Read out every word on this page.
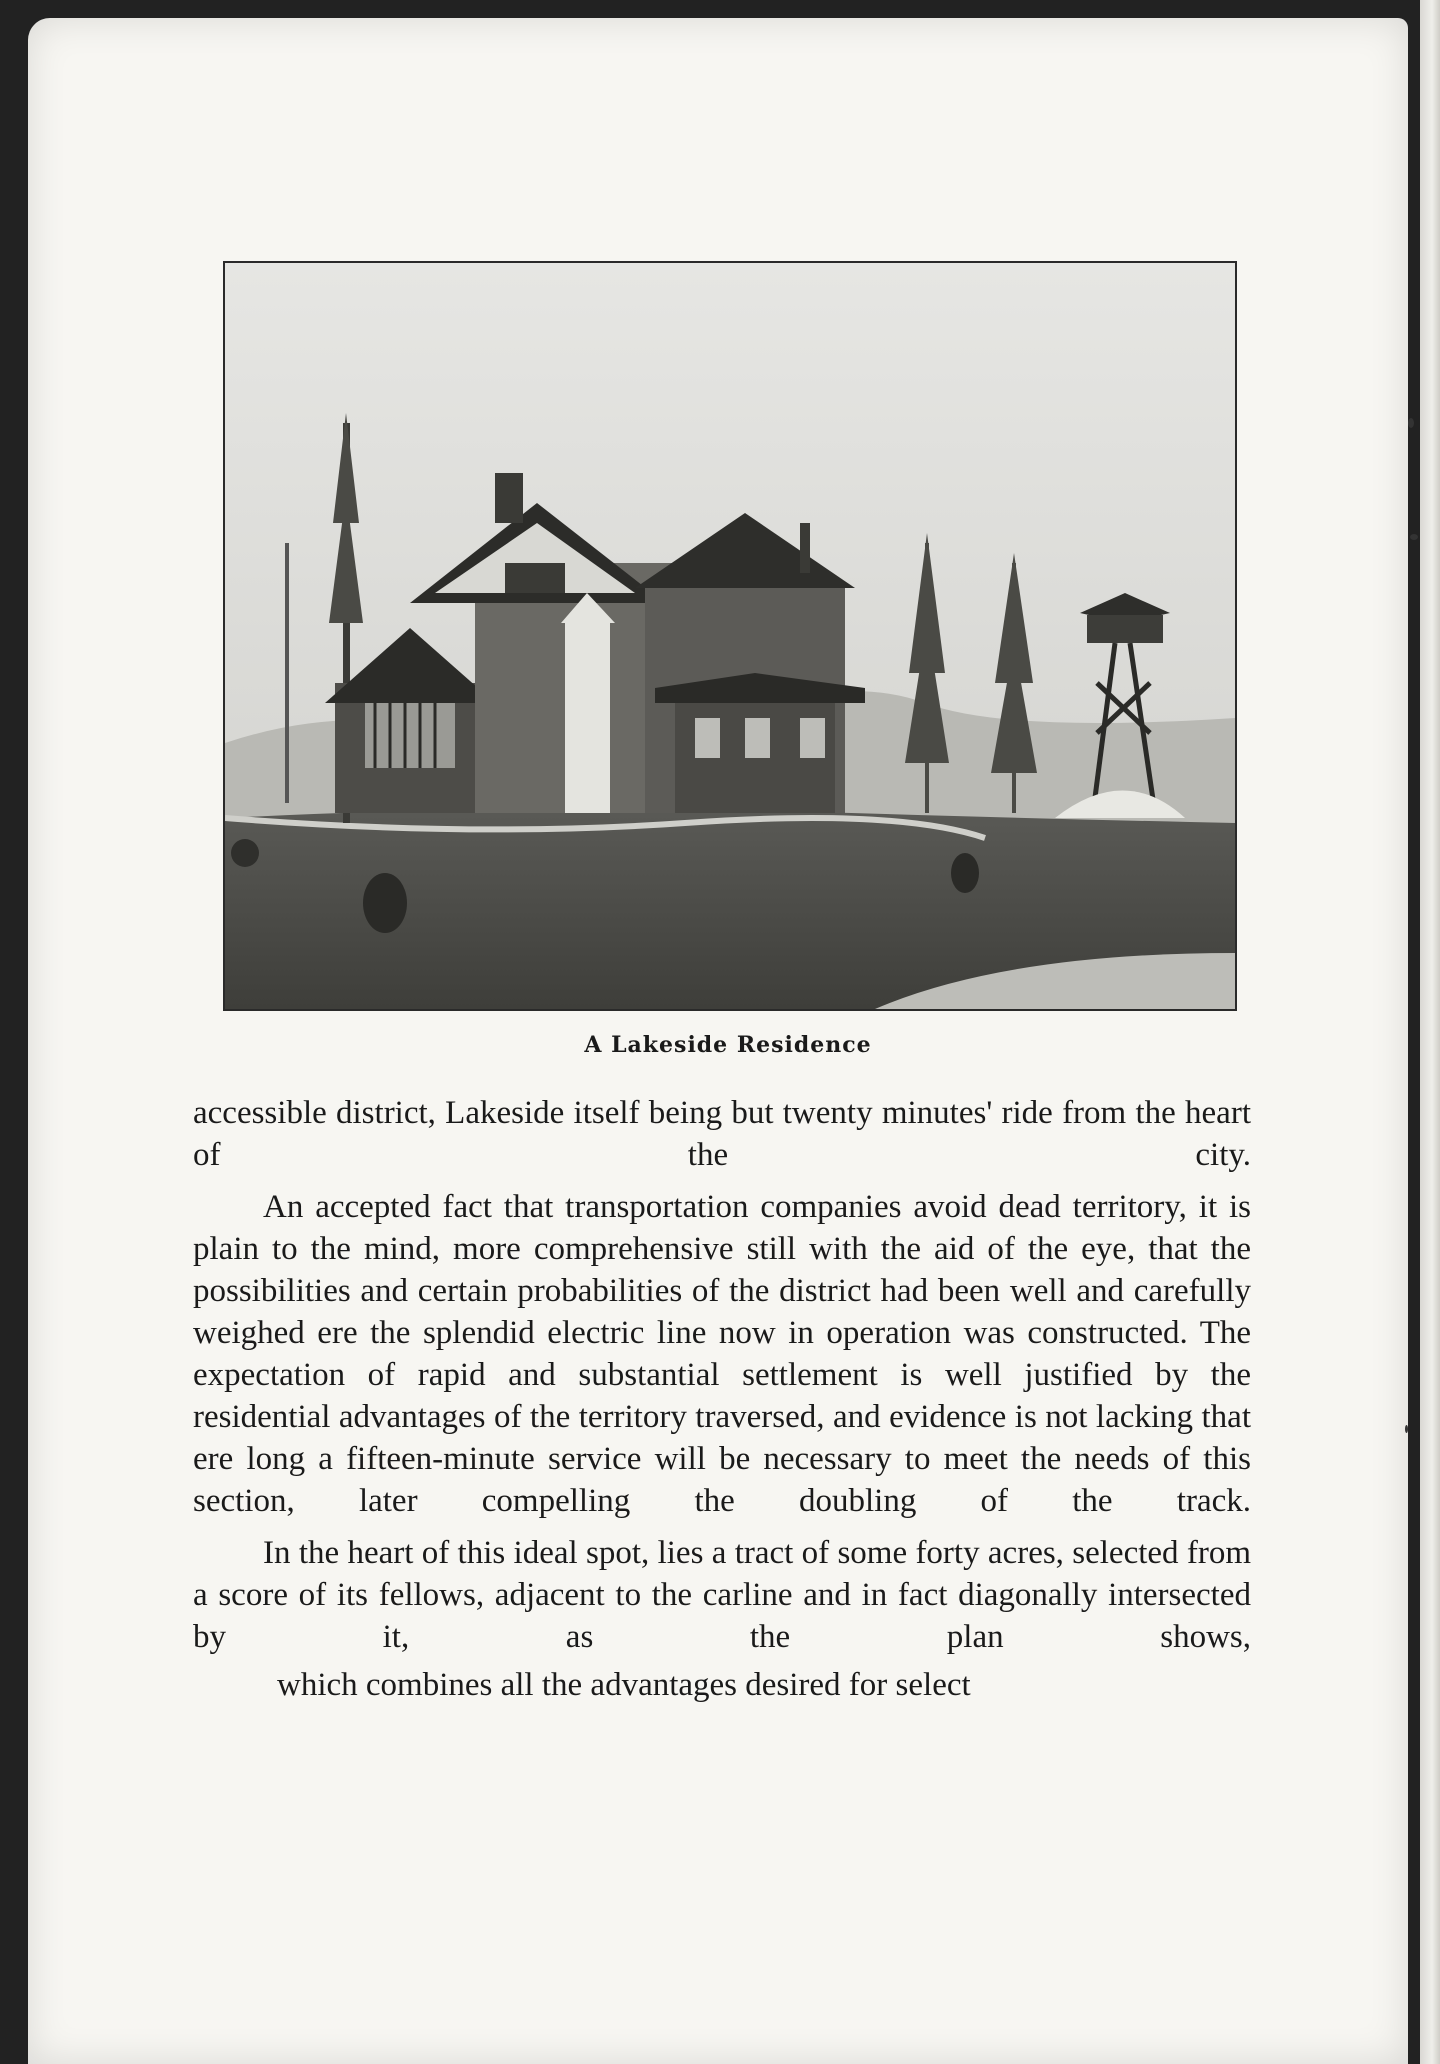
A Lakeside Residence

accessible district, Lakeside itself being but twenty minutes' ride from the heart of the city.

An accepted fact that transportation companies avoid dead territory, it is plain to the mind, more comprehensive still with the aid of the eye, that the possibilities and certain probabilities of the district had been well and carefully weighed ere the splendid electric line now in operation was constructed. The expectation of rapid and substantial settlement is well justified by the residential advantages of the territory traversed, and evidence is not lacking that ere long a fifteen-minute service will be necessary to meet the needs of this section, later compelling the doubling of the track.

In the heart of this ideal spot, lies a tract of some forty acres, selected from a score of its fellows, adjacent to the carline and in fact diagonally intersected by it, as the plan shows,

which combines all the advantages desired for select
